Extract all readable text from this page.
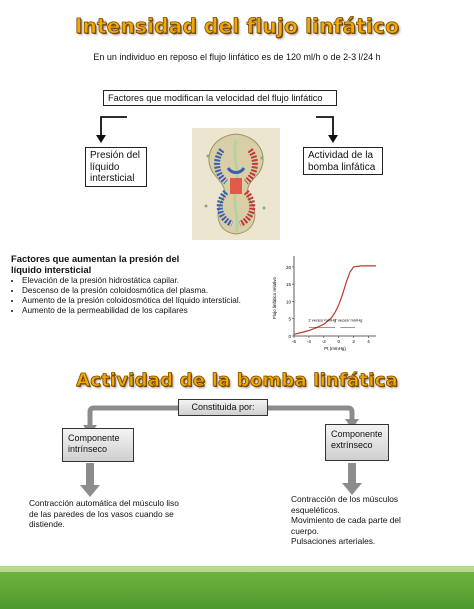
Intensidad del flujo linfático
En un individuo en reposo el flujo linfático es de 120 ml/h o de 2-3 l/24 h
Factores que modifican la velocidad del flujo linfático
Presión del líquido intersticial
Actividad de la bomba linfática
Factores que aumentan la presión del líquido intersticial
• Elevación de la presión hidrostática capilar.
• Descenso de la presión coloidosmótica del plasma.
• Aumento de la presión coloidosmótica del líquido intersticial.
• Aumento de la permeabilidad de los capilares
20
15
10
5
0
-6 -4 -2	0	2	4
Flujo linfático relativo
Pt (mmHg)
2 veces/ mmHg
7 veces/ mmHg
Actividad de la bomba linfática
Constituida por:
Componente intrínseco
Componente extrínseco
Contracción automática del músculo liso de las paredes de los vasos cuando se distiende.
Contracción de los músculos esqueléticos.
Movimiento de cada parte del cuerpo.
Pulsaciones arteriales.
